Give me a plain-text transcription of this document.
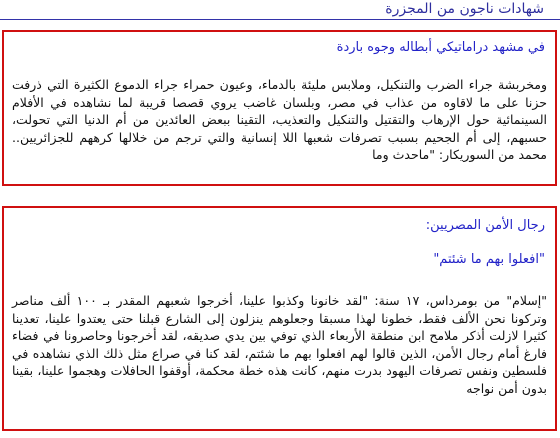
شهادات ناجون من المجزرة
في مشهد دراماتيكي أبطاله وجوه باردة
ومخربشة جراء الضرب والتنكيل، وملابس مليئة بالدماء، وعيون حمراء جراء الدموع الكثيرة التي ذرفت حزنا على ما لاقاوه من عذاب في مصر، وبلسان غاضب يروي قصصا قريبة لما نشاهده في الأفلام السينمائية حول الإرهاب والتقتيل والتنكيل والتعذيب، التقينا ببعض العائدين من أم الدنيا التي تحولت، حسبهم، إلى أم الجحيم بسبب تصرفات شعبها اللا إنسانية والتي ترجم من خلالها كرههم للجزائريين.. محمد من السوريكار: "ماحدث وما
رجال الأمن المصريين:
"افعلوا بهم ما شئتم"
"إسلام" من بومرداس، ١٧ سنة: "لقد خانونا وكذبوا علينا، أخرجوا شعبهم المقدر بـ ١٠٠ ألف مناصر وتركونا نحن الألف فقط، خطونا لهذا مسبقا وجعلوهم ينزلون إلى الشارع قبلنا حتى يعتدوا علينا، تعدينا كثيرا لازلت أذكر ملامح ابن منطقة الأربعاء الذي توفي بين يدي صديقه، لقد أخرجونا وحاصرونا في فضاء فارغ أمام رجال الأمن، الذين قالوا لهم افعلوا بهم ما شئتم، لقد كنا في صراع مثل ذلك الذي نشاهده في فلسطين ونفس تصرفات اليهود بدرت منهم، كانت هذه خطة محكمة، أوقفوا الحافلات وهجموا علينا، بقينا بدون أمن نواجه
